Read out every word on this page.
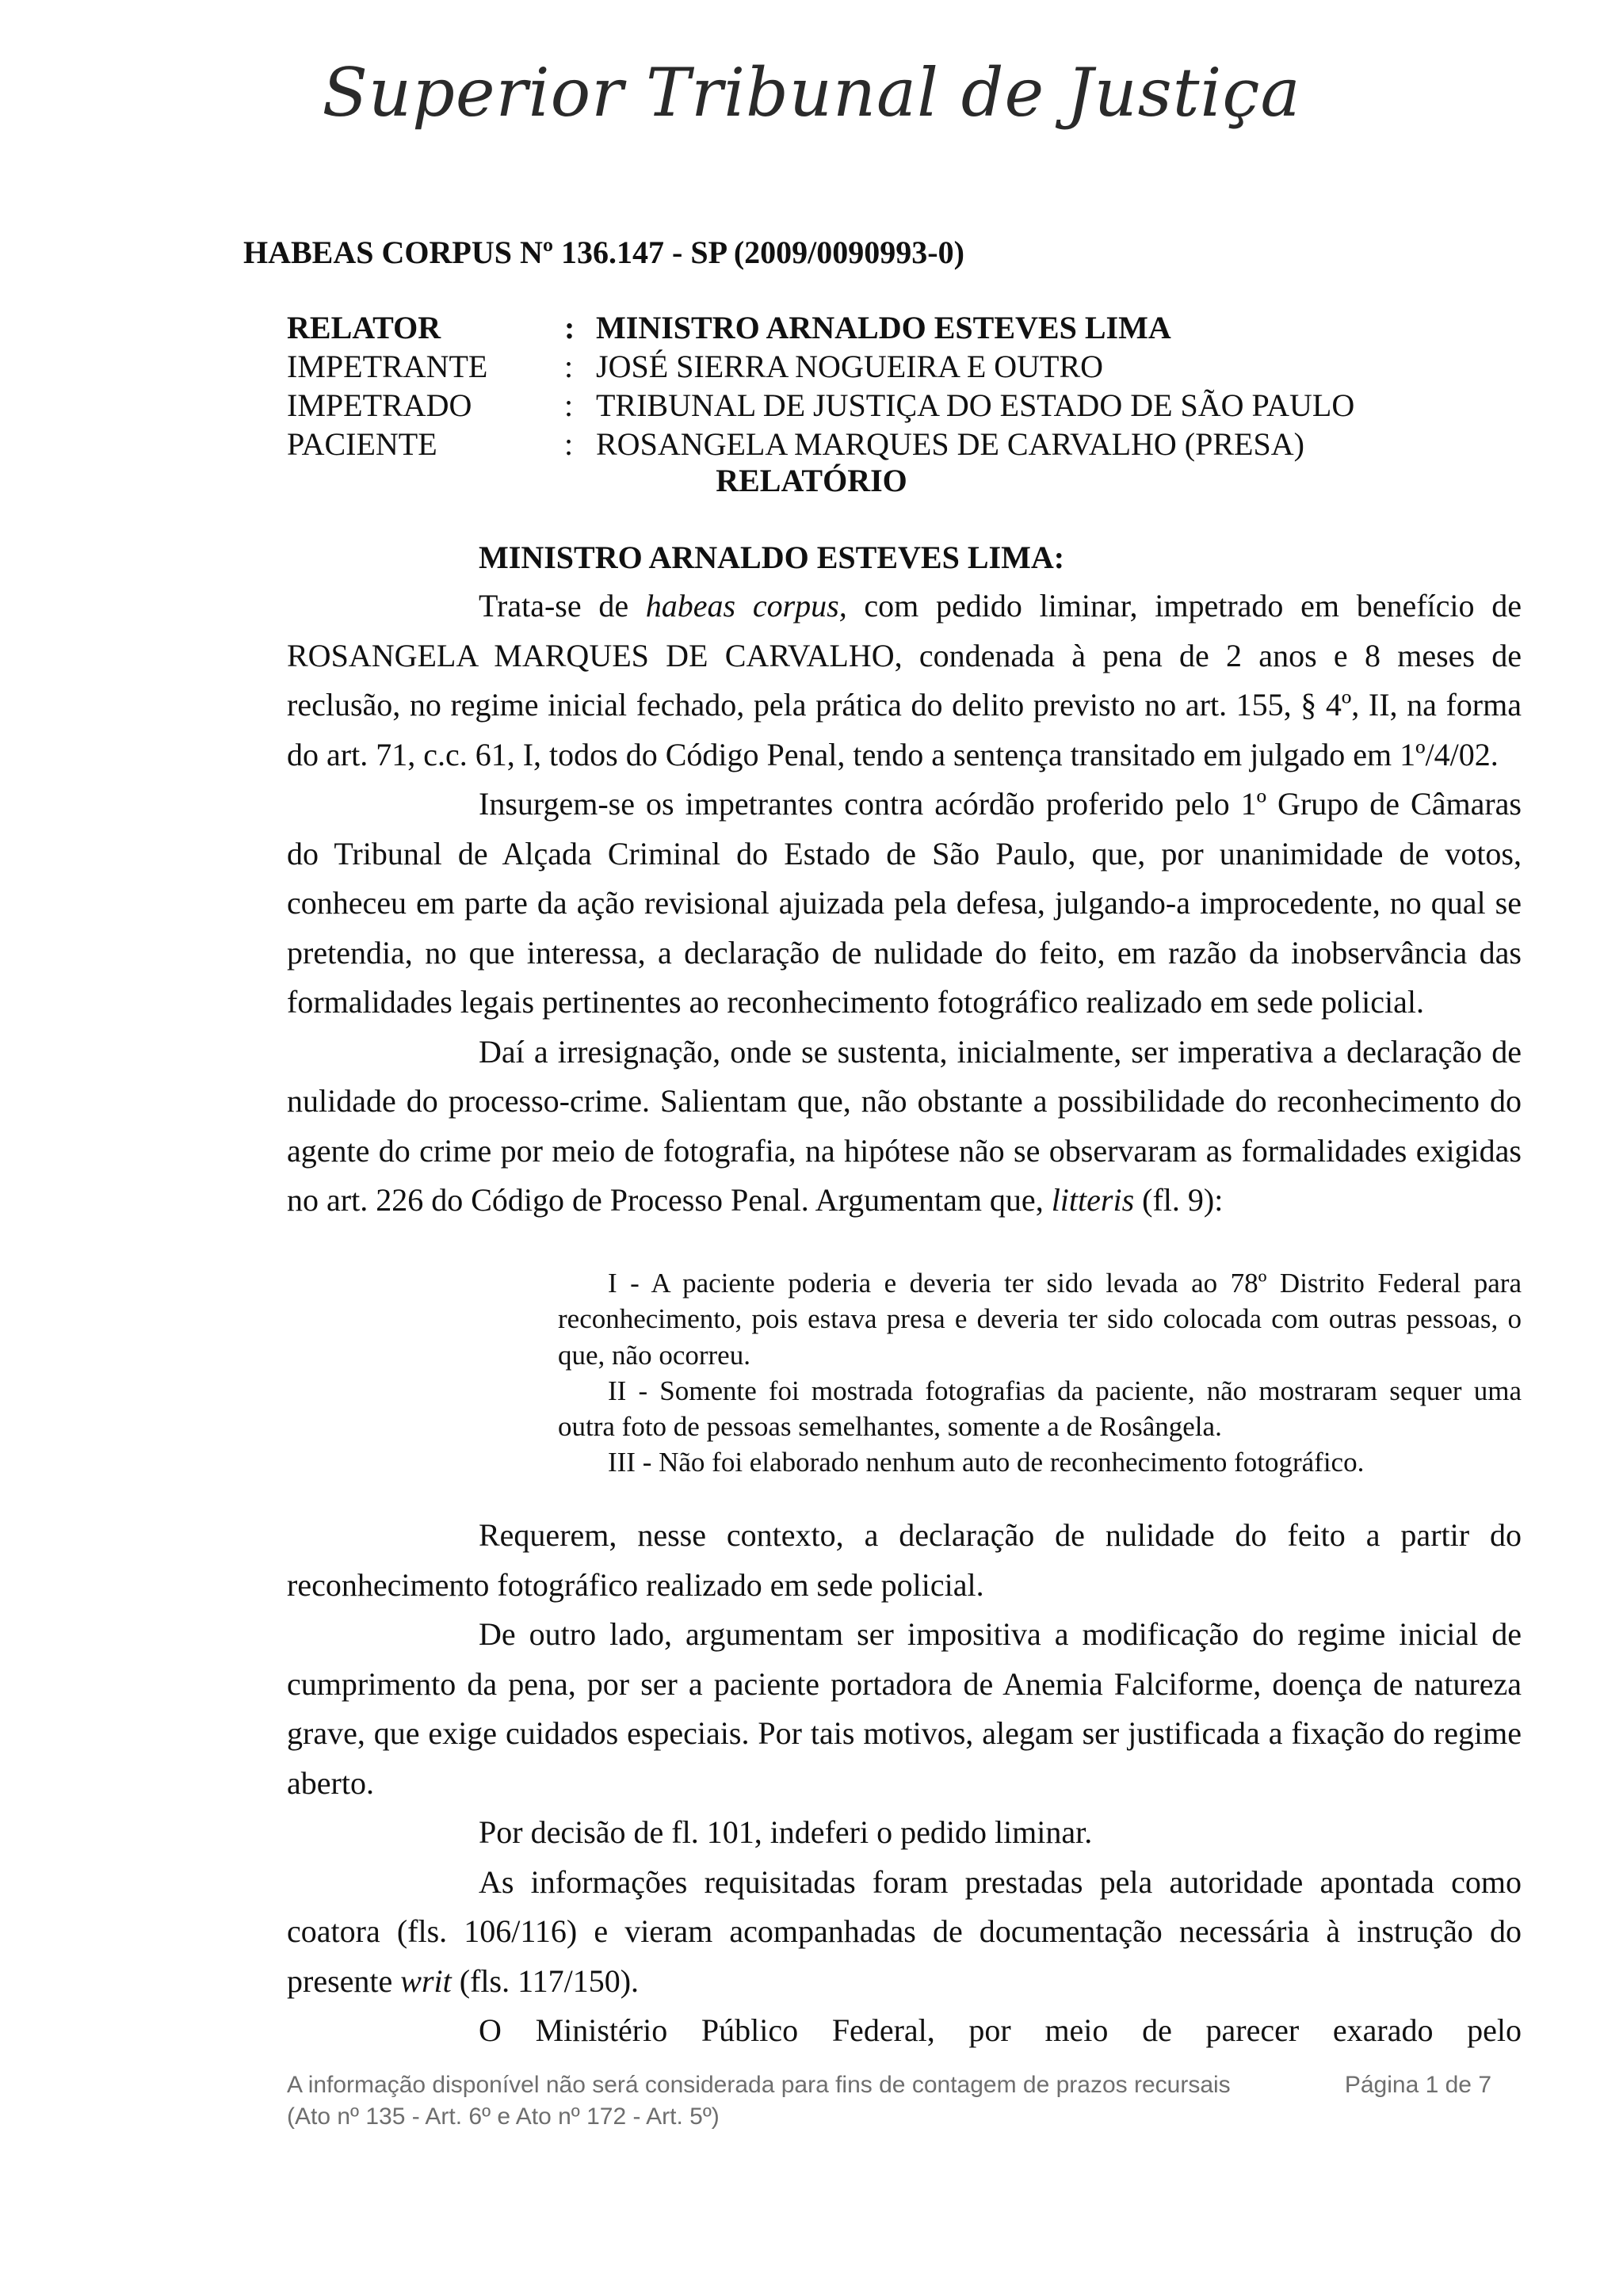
Superior Tribunal de Justiça
HABEAS CORPUS Nº 136.147 - SP (2009/0090993-0)
RELATOR	: MINISTRO ARNALDO ESTEVES LIMA
IMPETRANTE	: JOSÉ SIERRA NOGUEIRA E OUTRO
IMPETRADO	: TRIBUNAL DE JUSTIÇA DO ESTADO DE SÃO PAULO
PACIENTE	: ROSANGELA MARQUES DE CARVALHO (PRESA)
RELATÓRIO
MINISTRO ARNALDO ESTEVES LIMA:

Trata-se de habeas corpus, com pedido liminar, impetrado em benefício de ROSANGELA MARQUES DE CARVALHO, condenada à pena de 2 anos e 8 meses de reclusão, no regime inicial fechado, pela prática do delito previsto no art. 155, § 4º, II, na forma do art. 71, c.c. 61, I, todos do Código Penal, tendo a sentença transitado em julgado em 1º/4/02.

Insurgem-se os impetrantes contra acórdão proferido pelo 1º Grupo de Câmaras do Tribunal de Alçada Criminal do Estado de São Paulo, que, por unanimidade de votos, conheceu em parte da ação revisional ajuizada pela defesa, julgando-a improcedente, no qual se pretendia, no que interessa, a declaração de nulidade do feito, em razão da inobservância das formalidades legais pertinentes ao reconhecimento fotográfico realizado em sede policial.

Daí a irresignação, onde se sustenta, inicialmente, ser imperativa a declaração de nulidade do processo-crime. Salientam que, não obstante a possibilidade do reconhecimento do agente do crime por meio de fotografia, na hipótese não se observaram as formalidades exigidas no art. 226 do Código de Processo Penal. Argumentam que, litteris (fl. 9):

I - A paciente poderia e deveria ter sido levada ao 78º Distrito Federal para reconhecimento, pois estava presa e deveria ter sido colocada com outras pessoas, o que, não ocorreu.

II - Somente foi mostrada fotografias da paciente, não mostraram sequer uma outra foto de pessoas semelhantes, somente a de Rosângela.

III - Não foi elaborado nenhum auto de reconhecimento fotográfico.

Requerem, nesse contexto, a declaração de nulidade do feito a partir do reconhecimento fotográfico realizado em sede policial.

De outro lado, argumentam ser impositiva a modificação do regime inicial de cumprimento da pena, por ser a paciente portadora de Anemia Falciforme, doença de natureza grave, que exige cuidados especiais. Por tais motivos, alegam ser justificada a fixação do regime aberto.

Por decisão de fl. 101, indeferi o pedido liminar.

As informações requisitadas foram prestadas pela autoridade apontada como coatora (fls. 106/116) e vieram acompanhadas de documentação necessária à instrução do presente writ (fls. 117/150).

O Ministério Público Federal, por meio de parecer exarado pelo

A informação disponível não será considerada para fins de contagem de prazos recursais
(Ato nº 135 - Art. 6º e Ato nº 172 - Art. 5º)
Página 1 de 7
